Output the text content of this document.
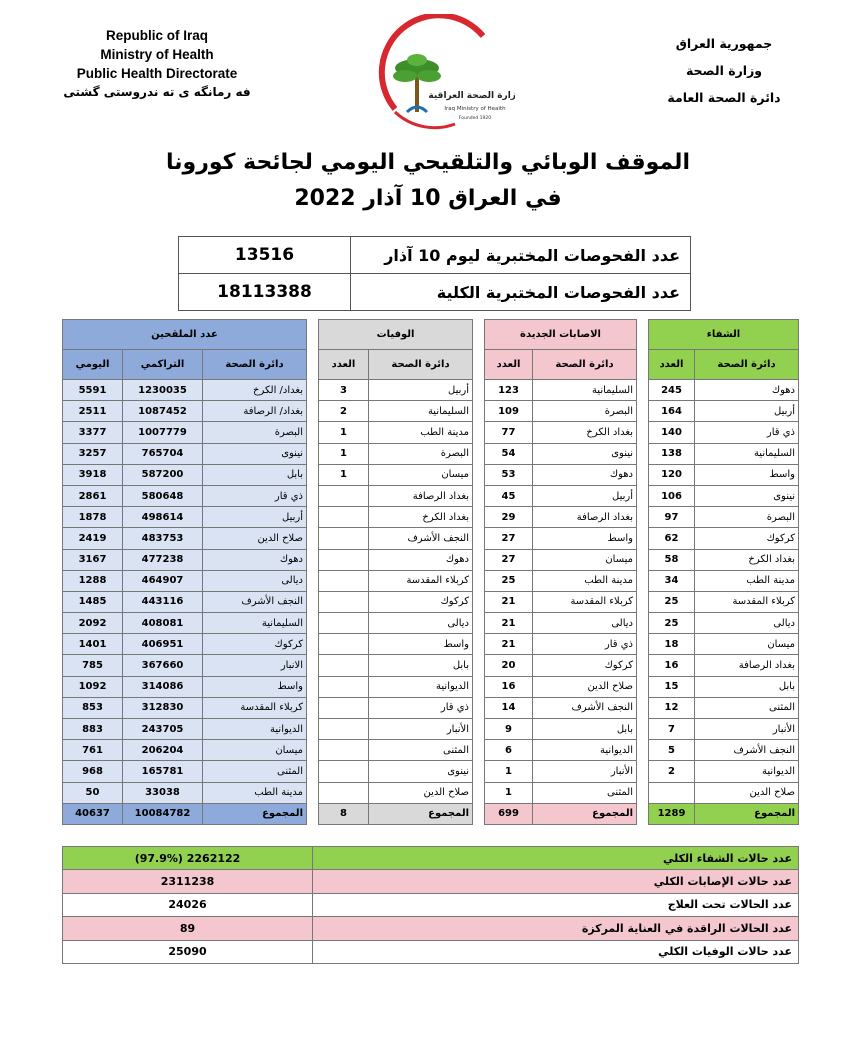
Republic of Iraq
Ministry of Health
Public Health Directorate
فه رمانگه ی ته ندروستی گشتی	وزارة الصحة العراقية
Iraq Ministry of Health
Founded 1920
جمهورية العراق
وزارة الصحة
دائرة الصحة العامة
الموقف الوبائي والتلقيحي اليومي لجائحة كورونا
في العراق 10 آذار 2022
13516	عدد الفحوصات المختبرية ليوم 10 آذار
18113388	عدد الفحوصات المختبرية الكلية
عدد الملقحين				الوفيات			الاصابات الجديدة			الشفاء	
اليومي	التراكمي	دائرة الصحة		العدد	دائرة الصحة		العدد	دائرة الصحة		العدد	دائرة الصحة
5591	1230035	بغداد/ الكرخ		3	أربيل		123	السليمانية		245	دهوك
2511	1087452	بغداد/ الرصافة		2	السليمانية		109	البصرة		164	أربيل
3377	1007779	البصرة		1	مدينة الطب		77	بغداد الكرخ		140	ذي قار
3257	765704	نينوى		1	البصرة		54	نينوى		138	السليمانية
3918	587200	بابل		1	ميسان		53	دهوك		120	واسط
2861	580648	ذي قار			بغداد الرصافة		45	أربيل		106	نينوى
1878	498614	أربيل			بغداد الكرخ		29	بغداد الرصافة		97	البصرة
2419	483753	صلاح الدين			النجف الأشرف		27	واسط		62	كركوك
3167	477238	دهوك			دهوك		27	ميسان		58	بغداد الكرخ
1288	464907	ديالى			كربلاء المقدسة		25	مدينة الطب		34	مدينة الطب
1485	443116	النجف الأشرف			كركوك		21	كربلاء المقدسة		25	كربلاء المقدسة
2092	408081	السليمانية			ديالى		21	ديالى		25	ديالى
1401	406951	كركوك			واسط		21	ذي قار		18	ميسان
785	367660	الانبار			بابل		20	كركوك		16	بغداد الرصافة
1092	314086	واسط			الديوانية		16	صلاح الدين		15	بابل
853	312830	كربلاء المقدسة			ذي قار		14	النجف الأشرف		12	المثنى
883	243705	الديوانية			الأنبار		9	بابل		7	الأنبار
761	206204	ميسان			المثنى		6	الديوانية		5	النجف الأشرف
968	165781	المثنى			نينوى		1	الأنبار		2	الديوانية
50	33038	مدينة الطب			صلاح الدين		1	المثنى			صلاح الدين
40637	10084782	المجموع		8	المجموع		699	المجموع		1289	المجموع
(97.9%) 2262122	عدد حالات الشفاء الكلي
2311238	عدد حالات الإصابات الكلي
24026	عدد الحالات تحت العلاج
89	عدد الحالات الراقدة في العناية المركزة
25090	عدد حالات الوفيات الكلي
